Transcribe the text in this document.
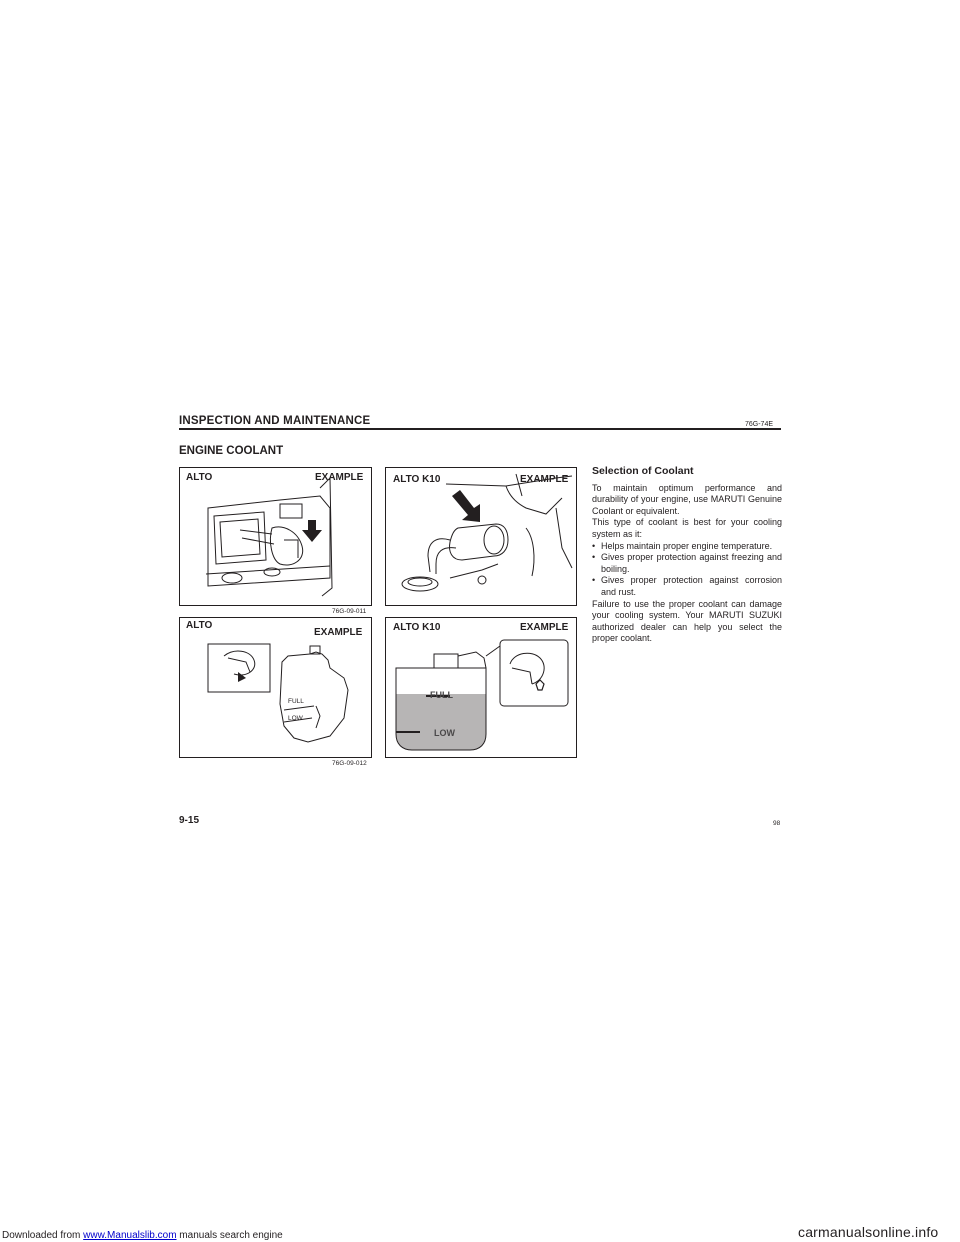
INSPECTION AND MAINTENANCE	76G-74E
ENGINE COOLANT
ALTO	EXAMPLE
76G-09-011
ALTO K10	EXAMPLE
ALTO
EXAMPLE
FULL
LOW
76G-09-012
ALTO K10	EXAMPLE
FULL
LOW
Selection of Coolant

To maintain optimum performance and durability of your engine, use MARUTI Genuine Coolant or equivalent.

This type of coolant is best for your cooling system as it:

• Helps maintain proper engine temperature.
• Gives proper protection against freezing and boiling.
• Gives proper protection against corrosion and rust.

Failure to use the proper coolant can damage your cooling system. Your MARUTI SUZUKI authorized dealer can help you select the proper coolant.

9-15	98
Downloaded from www.Manualslib.com manuals search engine	carmanualsonline.info
